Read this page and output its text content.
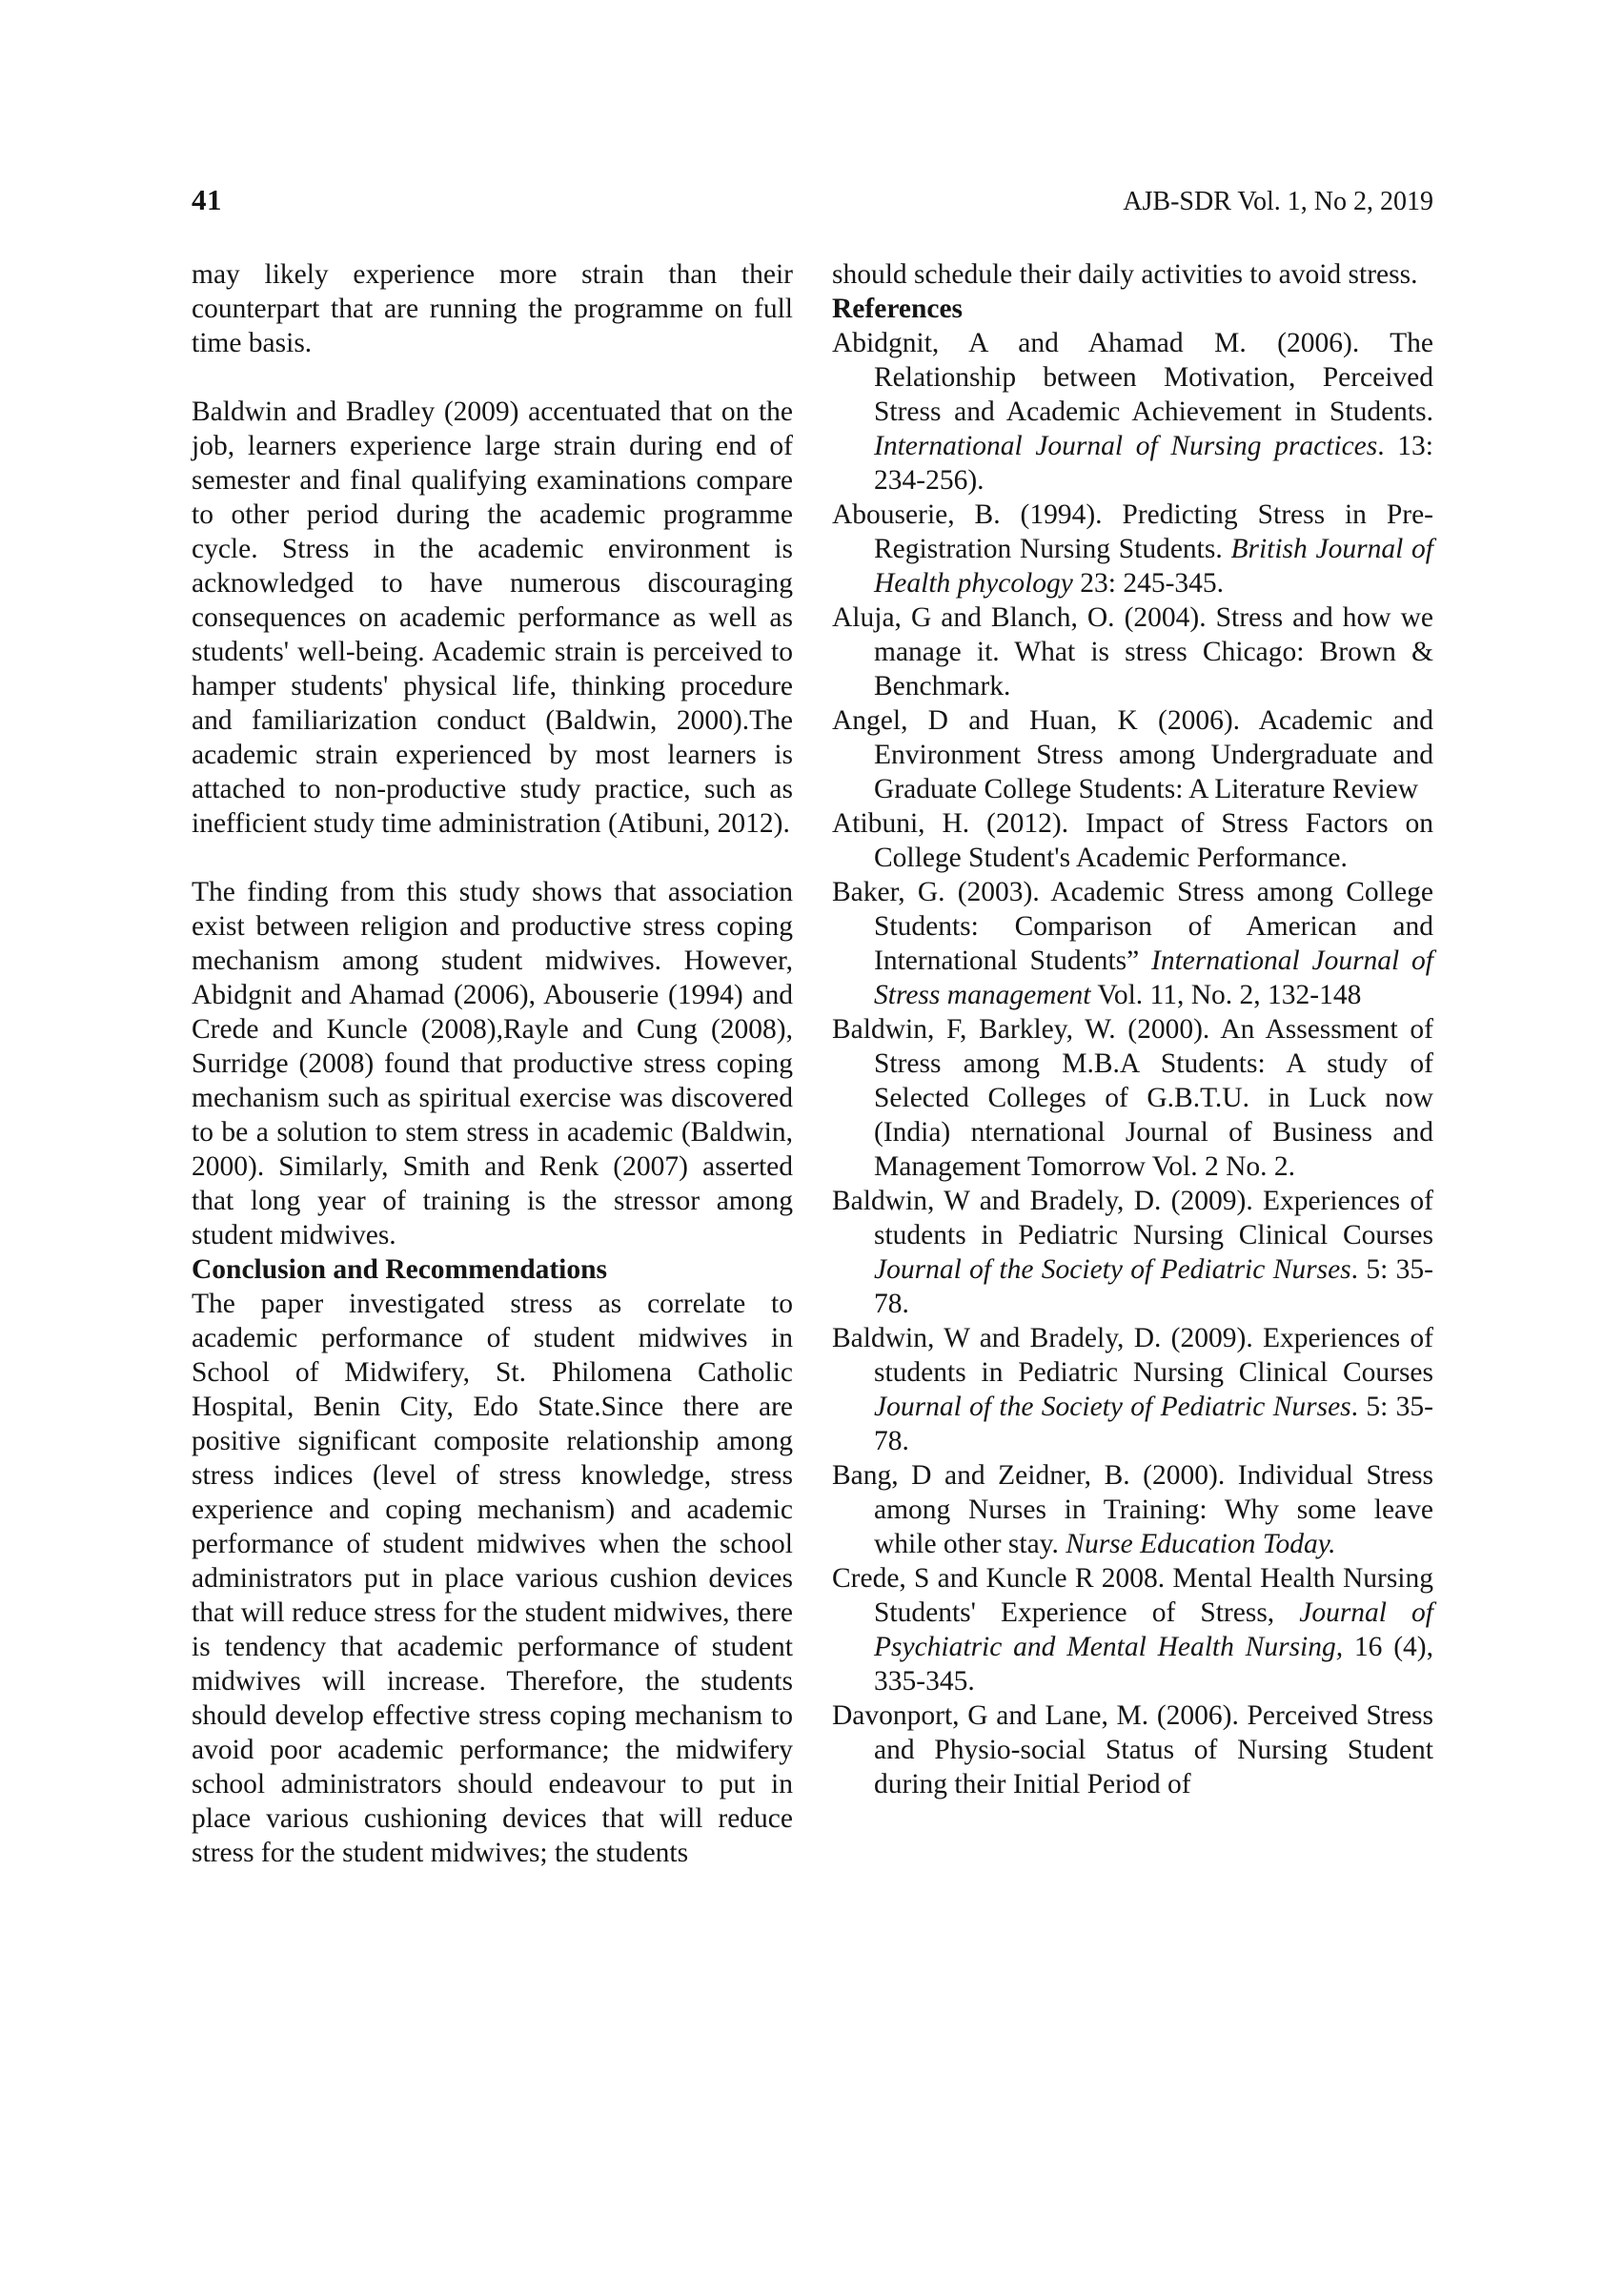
41	AJB-SDR Vol. 1, No 2, 2019

may likely experience more strain than their counterpart that are running the programme on full time basis.

Baldwin and Bradley (2009) accentuated that on the job, learners experience large strain during end of semester and final qualifying examinations compare to other period during the academic programme cycle. Stress in the academic environment is acknowledged to have numerous discouraging consequences on academic performance as well as students' well-being. Academic strain is perceived to hamper students' physical life, thinking procedure and familiarization conduct (Baldwin, 2000).The academic strain experienced by most learners is attached to non-productive study practice, such as inefficient study time administration (Atibuni, 2012).

The finding from this study shows that association exist between religion and productive stress coping mechanism among student midwives. However, Abidgnit and Ahamad (2006), Abouserie (1994) and Crede and Kuncle (2008),Rayle and Cung (2008), Surridge (2008) found that productive stress coping mechanism such as spiritual exercise was discovered to be a solution to stem stress in academic (Baldwin, 2000). Similarly, Smith and Renk (2007) asserted that long year of training is the stressor among student midwives.

Conclusion and Recommendations

The paper investigated stress as correlate to academic performance of student midwives in School of Midwifery, St. Philomena Catholic Hospital, Benin City, Edo State.Since there are positive significant composite relationship among stress indices (level of stress knowledge, stress experience and coping mechanism) and academic performance of student midwives when the school administrators put in place various cushion devices that will reduce stress for the student midwives, there is tendency that academic performance of student midwives will increase. Therefore, the students should develop effective stress coping mechanism to avoid poor academic performance; the midwifery school administrators should endeavour to put in place various cushioning devices that will reduce stress for the student midwives; the students

should schedule their daily activities to avoid stress.

References

Abidgnit, A and Ahamad M. (2006). The Relationship between Motivation, Perceived Stress and Academic Achievement in Students. International Journal of Nursing practices. 13: 234-256).

Abouserie, B. (1994). Predicting Stress in Pre-Registration Nursing Students. British Journal of Health phycology 23: 245-345.

Aluja, G and Blanch, O. (2004). Stress and how we manage it. What is stress Chicago: Brown & Benchmark.

Angel, D and Huan, K (2006). Academic and Environment Stress among Undergraduate and Graduate College Students: A Literature Review

Atibuni, H. (2012). Impact of Stress Factors on College Student's Academic Performance.

Baker, G. (2003). Academic Stress among College Students: Comparison of American and International Students” International Journal of Stress management Vol. 11, No. 2, 132-148

Baldwin, F, Barkley, W. (2000). An Assessment of Stress among M.B.A Students: A study of Selected Colleges of G.B.T.U. in Luck now (India) nternational Journal of Business and Management Tomorrow Vol. 2 No. 2.

Baldwin, W and Bradely, D. (2009). Experiences of students in Pediatric Nursing Clinical Courses Journal of the Society of Pediatric Nurses. 5: 35-78.

Baldwin, W and Bradely, D. (2009). Experiences of students in Pediatric Nursing Clinical Courses Journal of the Society of Pediatric Nurses. 5: 35-78.

Bang, D and Zeidner, B. (2000). Individual Stress among Nurses in Training: Why some leave while other stay. Nurse Education Today.

Crede, S and Kuncle R 2008. Mental Health Nursing Students' Experience of Stress, Journal of Psychiatric and Mental Health Nursing, 16 (4), 335-345.

Davonport, G and Lane, M. (2006). Perceived Stress and Physio-social Status of Nursing Student during their Initial Period of
